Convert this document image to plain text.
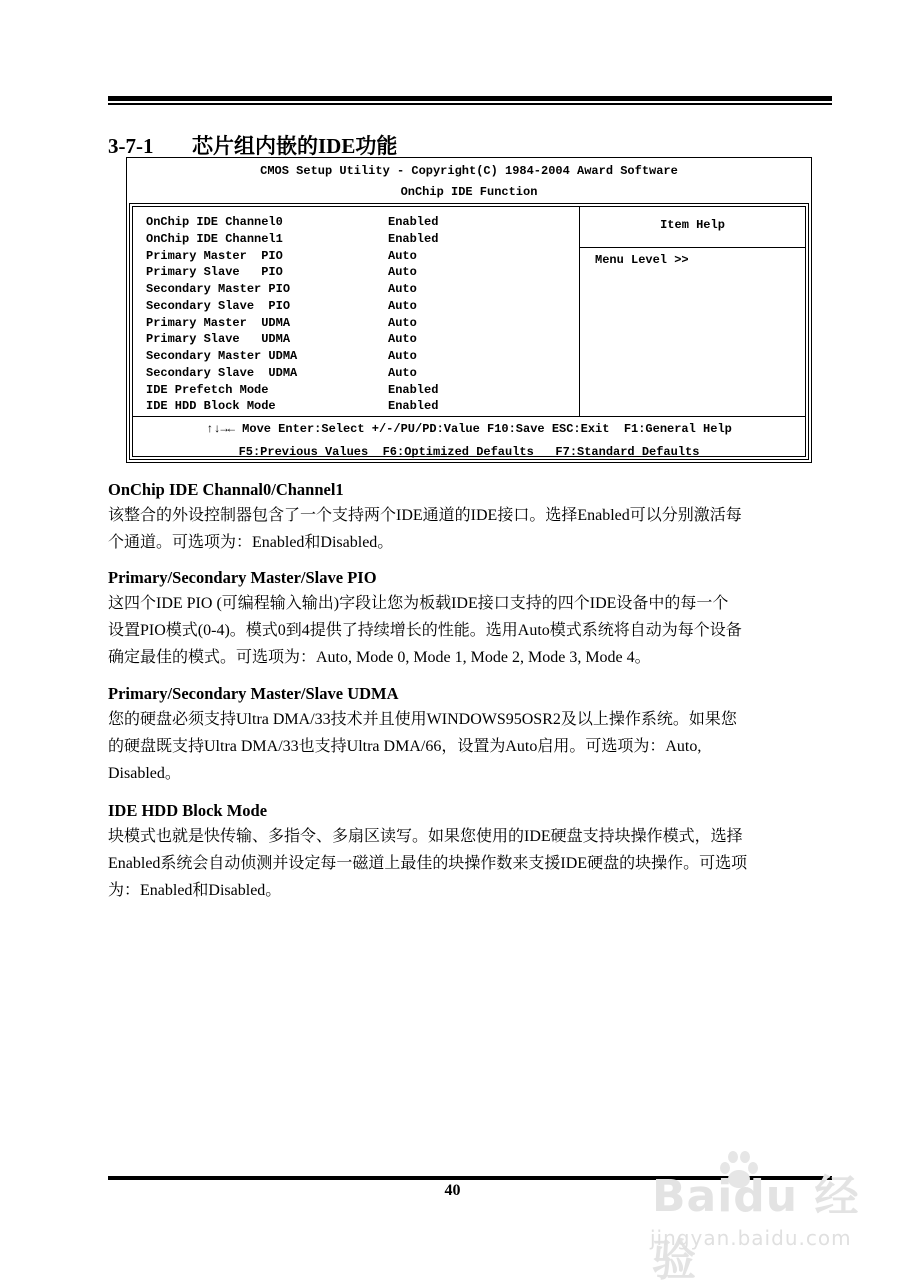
3-7-1 芯片组内嵌的IDE功能
CMOS Setup Utility - Copyright(C) 1984-2004 Award Software
OnChip IDE Function
OnChip IDE Channel0	Enabled
OnChip IDE Channel1	Enabled
Primary Master  PIO	Auto
Primary Slave   PIO	Auto
Secondary Master PIO	Auto
Secondary Slave  PIO	Auto
Primary Master  UDMA	Auto
Primary Slave   UDMA	Auto
Secondary Master UDMA	Auto
Secondary Slave  UDMA	Auto
IDE Prefetch Mode	Enabled
IDE HDD Block Mode	Enabled
Item Help
Menu Level >>
↑↓→← Move Enter:Select +/-/PU/PD:Value F10:Save ESC:Exit  F1:General Help
F5:Previous Values  F6:Optimized Defaults   F7:Standard Defaults
OnChip IDE Channal0/Channel1
该整合的外设控制器包含了一个支持两个IDE通道的IDE接口。选择Enabled可以分别激活每
个通道。可选项为：Enabled和Disabled。
Primary/Secondary Master/Slave PIO
这四个IDE PIO (可编程输入输出)字段让您为板载IDE接口支持的四个IDE设备中的每一个
设置PIO模式(0-4)。模式0到4提供了持续增长的性能。选用Auto模式系统将自动为每个设备
确定最佳的模式。可选项为：Auto, Mode 0, Mode 1, Mode 2, Mode 3, Mode 4。
Primary/Secondary Master/Slave UDMA
您的硬盘必须支持Ultra DMA/33技术并且使用WINDOWS95OSR2及以上操作系统。如果您
的硬盘既支持Ultra DMA/33也支持Ultra DMA/66，设置为Auto启用。可选项为：Auto,
Disabled。
IDE HDD Block Mode
块模式也就是快传输、多指令、多扇区读写。如果您使用的IDE硬盘支持块操作模式，选择
Enabled系统会自动侦测并设定每一磁道上最佳的块操作数来支援IDE硬盘的块操作。可选项
为：Enabled和Disabled。
40	Baidu 经验
jingyan.baidu.com
